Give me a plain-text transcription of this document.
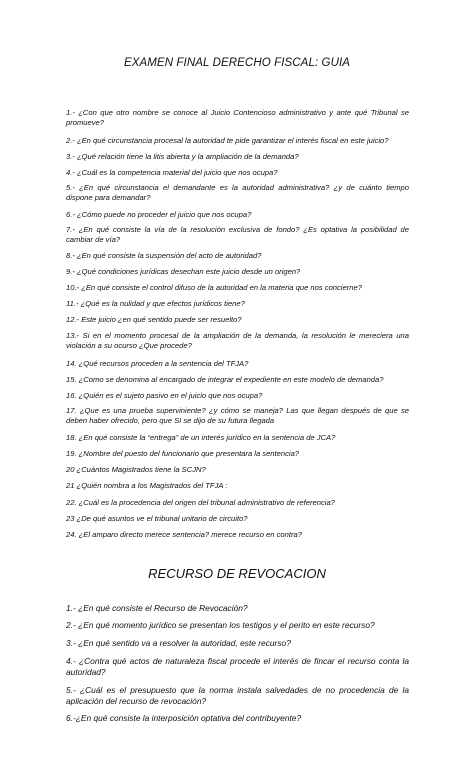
EXAMEN FINAL DERECHO FISCAL: GUIA
1.- ¿Con que otro nombre se conoce al Juicio Contencioso administrativo y ante qué Tribunal se promueve?
2.- ¿En qué circunstancia procesal la autoridad te pide garantizar el interés fiscal en este juicio?
3.- ¿Qué relación tiene la litis abierta y la ampliación de la demanda?
4.- ¿Cuál es la competencia material del juicio que nos ocupa?
5.- ¿En qué circunstancia el demandante es la autoridad administrativa? ¿y de cuánto tiempo dispone para demandar?
6.- ¿Cómo puede no proceder el juicio que nos ocupa?
7.- ¿En qué consiste la vía de la resolución exclusiva de fondo? ¿Es optativa la posibilidad de cambiar de vía?
8.- ¿En qué consiste la suspensión del acto de autoridad?
9.- ¿Qué condiciones jurídicas desechan este juicio desde un origen?
10.- ¿En qué consiste el control difuso de la autoridad en la materia que nos concierne?
11.- ¿Qué es la nulidad y que efectos jurídicos tiene?
12.- Este juicio ¿en qué sentido puede ser resuelto?
13.- Si en el momento procesal de la ampliación de la demanda, la resolución le mereciera una violación a su ocurso ¿Que procede?
14. ¿Qué recursos proceden a la sentencia del TFJA?
15. ¿Como se denomina al encargado de integrar el expediente en este modelo de demanda?
16. ¿Quién es el sujeto pasivo en el juicio que nos ocupa?
17. ¿Que es una prueba superviniente? ¿y cómo se maneja? Las que llegan después de que se deben haber ofrecido, pero que SI se dijo de su futura llegada
18. ¿En qué consiste la “entrega” de un interés jurídico en la sentencia de JCA?
19. ¿Nombre del puesto del funcionario que presentara la sentencia?
20 ¿Cuántos Magistrados tiene la SCJN?
21 ¿Quién nombra a los Magistrados del TFJA :
22. ¿Cuál es la procedencia del origen del tribunal administrativo de referencia?
23 ¿De qué asuntos ve el tribunal unitario de circuito?
24. ¿El amparo directo merece sentencia? merece recurso en contra?
RECURSO DE REVOCACION
1.- ¿En qué consiste el Recurso de Revocación?
2.- ¿En qué momento jurídico se presentan los testigos y el perito en este recurso?
3.- ¿En qué sentido va a resolver la autoridad, este recurso?
4.- ¿Contra qué actos de naturaleza fiscal procede el interés de fincar el recurso conta la autoridad?
5.- ¿Cuál es el presupuesto que la norma instala salvedades de no procedencia de la aplicación del recurso de revocación?
6.-¿En qué consiste la interposición optativa del contribuyente?
